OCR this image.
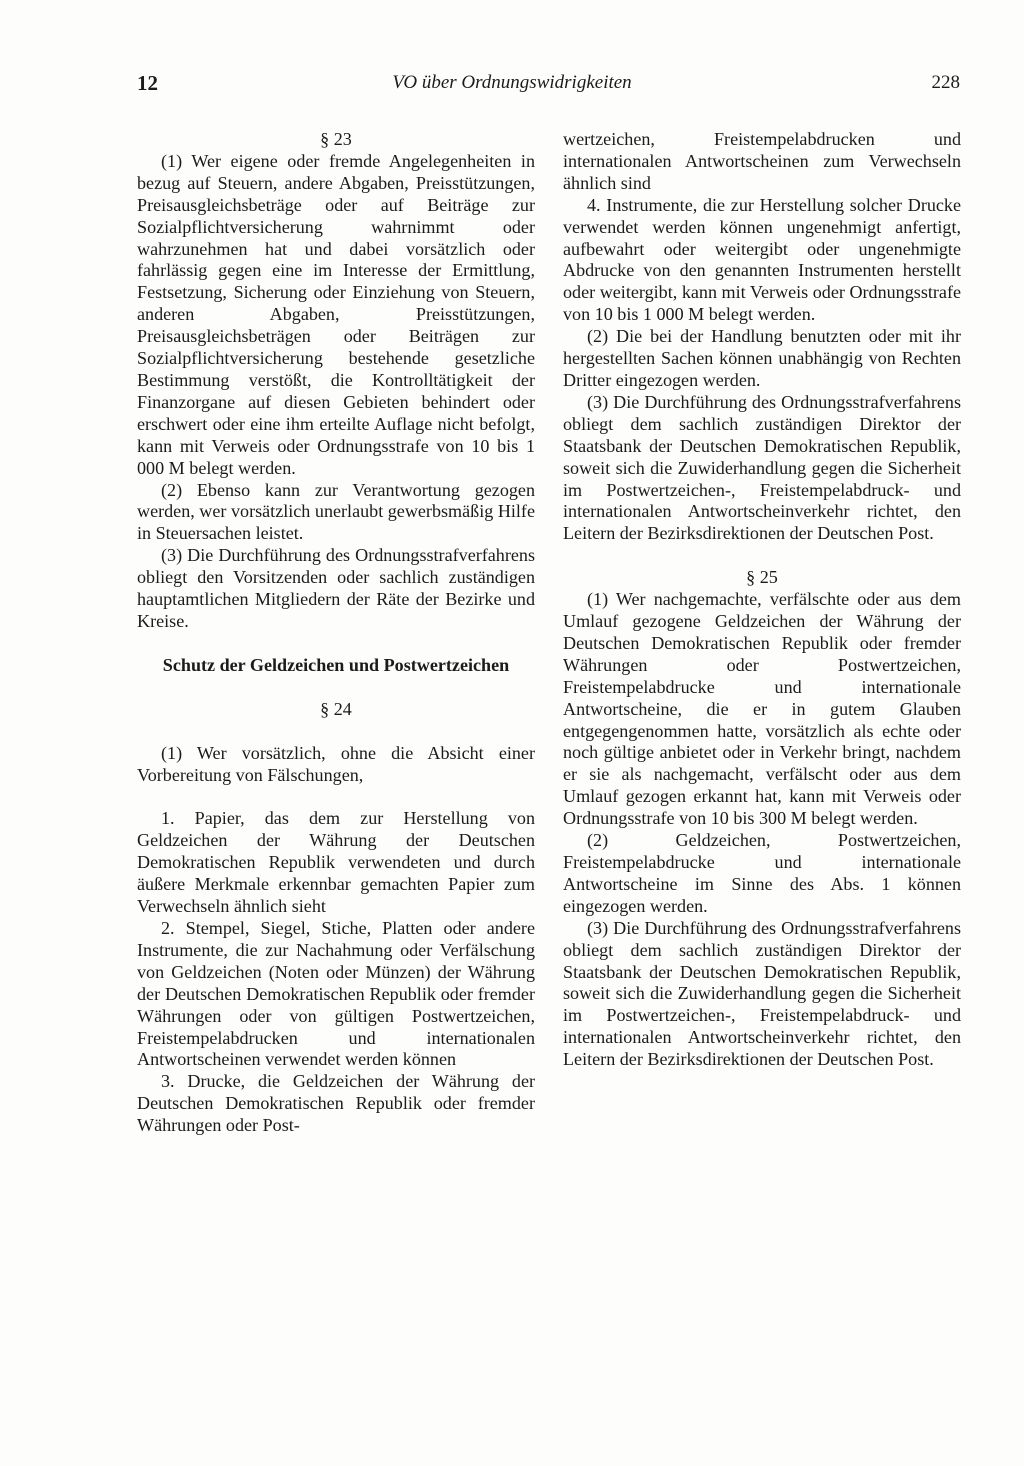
12	VO über Ordnungswidrigkeiten	228

§ 23

(1) Wer eigene oder fremde Angelegenheiten in bezug auf Steuern, andere Abgaben, Preisstützungen, Preisausgleichsbeträge oder auf Beiträge zur Sozialpflichtversicherung wahrnimmt oder wahrzunehmen hat und dabei vorsätzlich oder fahrlässig gegen eine im Interesse der Ermittlung, Festsetzung, Sicherung oder Einziehung von Steuern, anderen Abgaben, Preisstützungen, Preisausgleichsbeträgen oder Beiträgen zur Sozialpflichtversicherung bestehende gesetzliche Bestimmung verstößt, die Kontrolltätigkeit der Finanzorgane auf diesen Gebieten behindert oder erschwert oder eine ihm erteilte Auflage nicht befolgt, kann mit Verweis oder Ordnungsstrafe von 10 bis 1 000 M belegt werden.

(2) Ebenso kann zur Verantwortung gezogen werden, wer vorsätzlich unerlaubt gewerbsmäßig Hilfe in Steuersachen leistet.

(3) Die Durchführung des Ordnungsstrafverfahrens obliegt den Vorsitzenden oder sachlich zuständigen hauptamtlichen Mitgliedern der Räte der Bezirke und Kreise.

Schutz der Geldzeichen und Postwertzeichen

§ 24

(1) Wer vorsätzlich, ohne die Absicht einer Vorbereitung von Fälschungen,

1. Papier, das dem zur Herstellung von Geldzeichen der Währung der Deutschen Demokratischen Republik verwendeten und durch äußere Merkmale erkennbar gemachten Papier zum Verwechseln ähnlich sieht

2. Stempel, Siegel, Stiche, Platten oder andere Instrumente, die zur Nachahmung oder Verfälschung von Geldzeichen (Noten oder Münzen) der Währung der Deutschen Demokratischen Republik oder fremder Währungen oder von gültigen Postwertzeichen, Freistempelabdrucken und internationalen Antwortscheinen verwendet werden können

3. Drucke, die Geldzeichen der Währung der Deutschen Demokratischen Republik oder fremder Währungen oder Post-

wertzeichen, Freistempelabdrucken und internationalen Antwortscheinen zum Verwechseln ähnlich sind

4. Instrumente, die zur Herstellung solcher Drucke verwendet werden können ungenehmigt anfertigt, aufbewahrt oder weitergibt oder ungenehmigte Abdrucke von den genannten Instrumenten herstellt oder weitergibt, kann mit Verweis oder Ordnungsstrafe von 10 bis 1 000 M belegt werden.

(2) Die bei der Handlung benutzten oder mit ihr hergestellten Sachen können unabhängig von Rechten Dritter eingezogen werden.

(3) Die Durchführung des Ordnungsstrafverfahrens obliegt dem sachlich zuständigen Direktor der Staatsbank der Deutschen Demokratischen Republik, soweit sich die Zuwiderhandlung gegen die Sicherheit im Postwertzeichen-, Freistempelabdruck- und internationalen Antwortscheinverkehr richtet, den Leitern der Bezirksdirektionen der Deutschen Post.

§ 25

(1) Wer nachgemachte, verfälschte oder aus dem Umlauf gezogene Geldzeichen der Währung der Deutschen Demokratischen Republik oder fremder Währungen oder Postwertzeichen, Freistempelabdrucke und internationale Antwortscheine, die er in gutem Glauben entgegengenommen hatte, vorsätzlich als echte oder noch gültige anbietet oder in Verkehr bringt, nachdem er sie als nachgemacht, verfälscht oder aus dem Umlauf gezogen erkannt hat, kann mit Verweis oder Ordnungsstrafe von 10 bis 300 M belegt werden.

(2) Geldzeichen, Postwertzeichen, Freistempelabdrucke und internationale Antwortscheine im Sinne des Abs. 1 können eingezogen werden.

(3) Die Durchführung des Ordnungsstrafverfahrens obliegt dem sachlich zuständigen Direktor der Staatsbank der Deutschen Demokratischen Republik, soweit sich die Zuwiderhandlung gegen die Sicherheit im Postwertzeichen-, Freistempelabdruck- und internationalen Antwortscheinverkehr richtet, den Leitern der Bezirksdirektionen der Deutschen Post.
